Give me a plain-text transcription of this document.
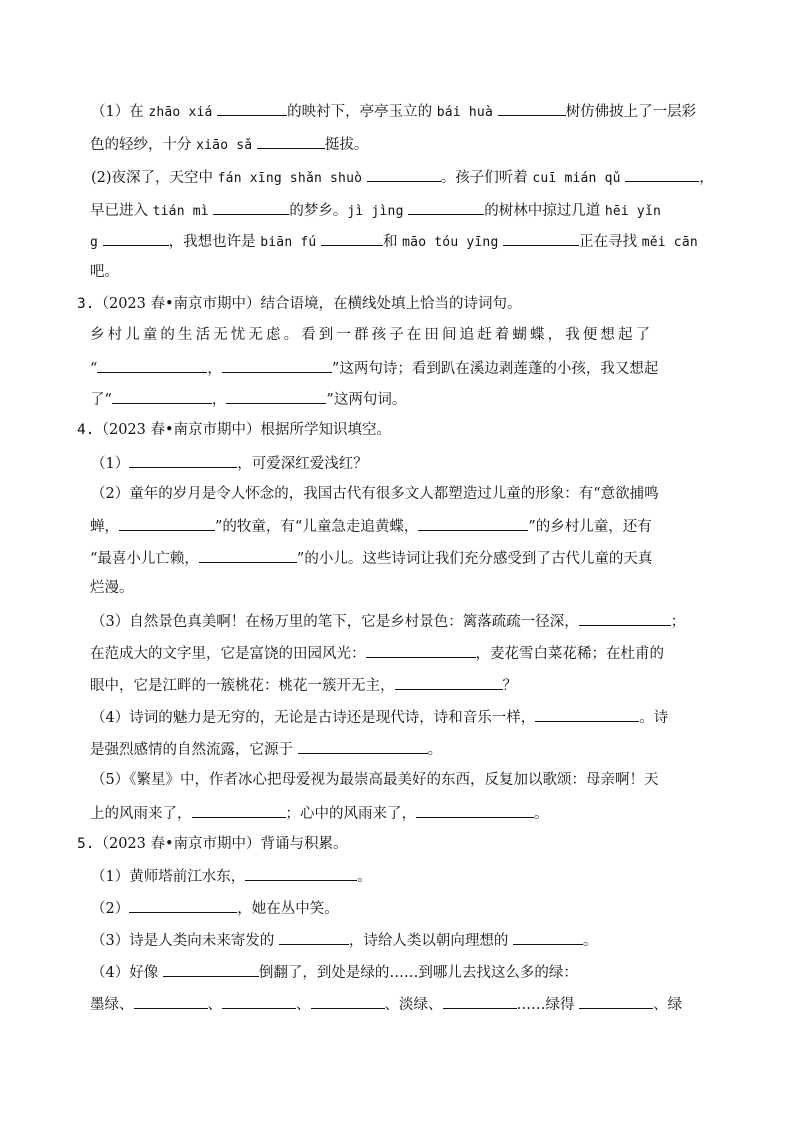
（1）在 zhāo xiá	的映衬下，亭亭玉立的 bái huà	树仿佛披上了一层彩
色的轻纱，十分 xiāo sǎ	挺拔。
(2)夜深了，天空中 fán xīng shǎn shuò	。孩子们听着 cuī mián qǔ	，
早已进入 tián mì	的梦乡。jì jìng	的树林中掠过几道 hēi yǐn
g	，我想也许是 biān fú	和 māo tóu yīng	正在寻找 měi cān
吧。
3.（2023 春•南京市期中）结合语境，在横线处填上恰当的诗词句。
乡村儿童的生活无忧无虑。看到一群孩子在田间追赶着蝴蝶，我便想起了
“	，	”这两句诗；看到趴在溪边剥莲蓬的小孩，我又想起
了“	，	”这两句词。
4.（2023 春•南京市期中）根据所学知识填空。
（1）	，可爱深红爱浅红？
（2）童年的岁月是令人怀念的，我国古代有很多文人都塑造过儿童的形象：有“意欲捕鸣
蝉，	”的牧童，有“儿童急走追黄蝶，	”的乡村儿童，还有
“最喜小儿亡赖，	”的小儿。这些诗词让我们充分感受到了古代儿童的天真
烂漫。
（3）自然景色真美啊！在杨万里的笔下，它是乡村景色：篱落疏疏一径深，	；
在范成大的文字里，它是富饶的田园风光：	，麦花雪白菜花稀；在杜甫的
眼中，它是江畔的一簇桃花：桃花一簇开无主，	？
（4）诗词的魅力是无穷的，无论是古诗还是现代诗，诗和音乐一样，	。诗
是强烈感情的自然流露，它源于	。
（5）《繁星》中，作者冰心把母爱视为最崇高最美好的东西，反复加以歌颂：母亲啊！天
上的风雨来了，	；心中的风雨来了，	。
5.（2023 春•南京市期中）背诵与积累。
（1）黄师塔前江水东，	。
（2）	，她在丛中笑。
（3）诗是人类向未来寄发的	，诗给人类以朝向理想的	。
（4）好像	倒翻了，到处是绿的……到哪儿去找这么多的绿：
墨绿、	、	、	、淡绿、	……绿得	、绿
